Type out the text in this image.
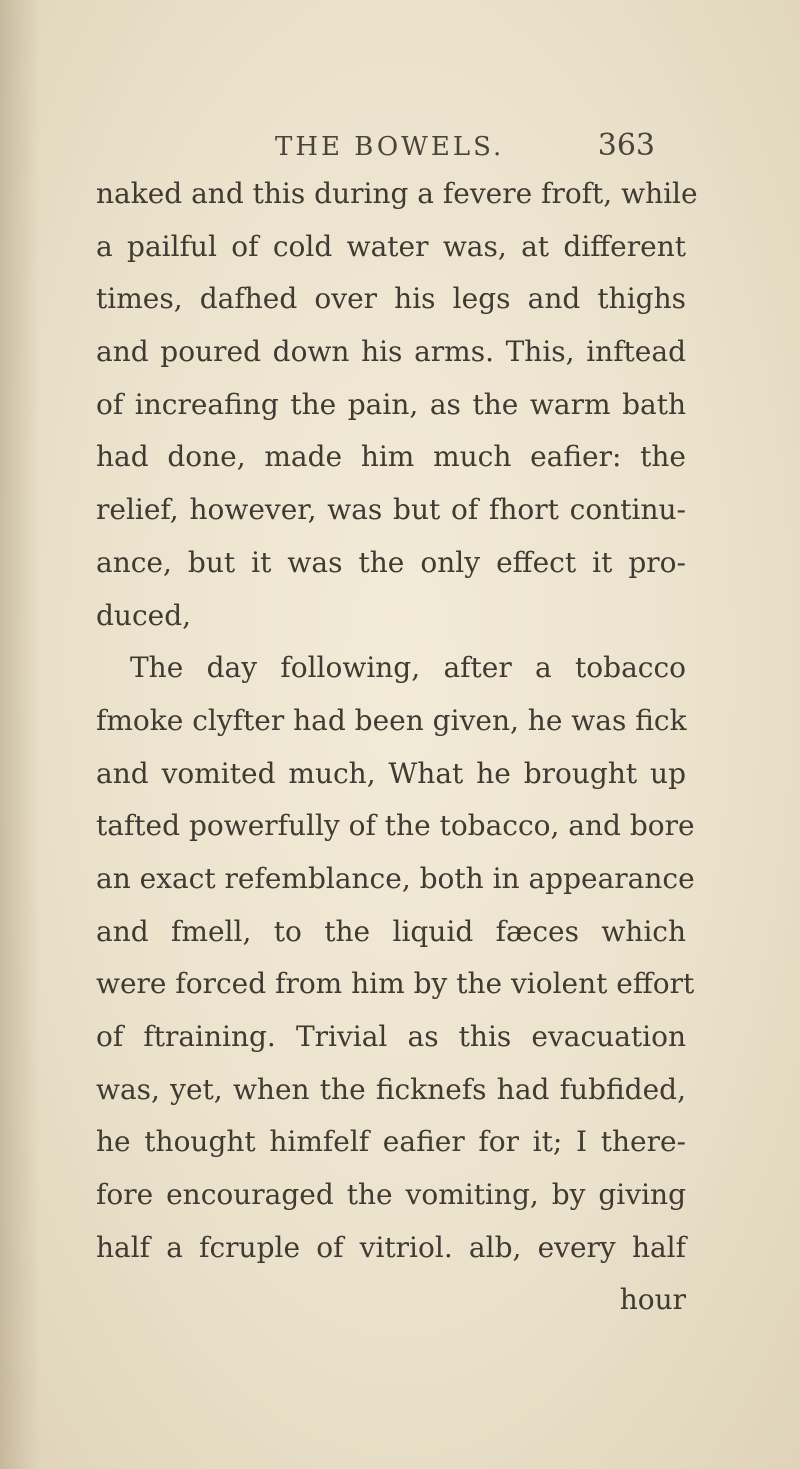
THE BOWELS.	363
naked and this during a fevere froft, while
a pailful of cold water was, at different
times, dafhed over his legs and thighs
and poured down his arms. This, inftead
of increafing the pain, as the warm bath
had done, made him much eafier: the
relief, however, was but of fhort continu-
ance, but it was the only effect it pro-
duced,
The day following, after a tobacco
fmoke clyfter had been given, he was fick
and vomited much, What he brought up
tafted powerfully of the tobacco, and bore
an exact refemblance, both in appearance
and fmell, to the liquid fæces which
were forced from him by the violent effort
of ftraining. Trivial as this evacuation
was, yet, when the ficknefs had fubfided,
he thought himfelf eafier for it; I there-
fore encouraged the vomiting, by giving
half a fcruple of vitriol. alb, every half
hour
